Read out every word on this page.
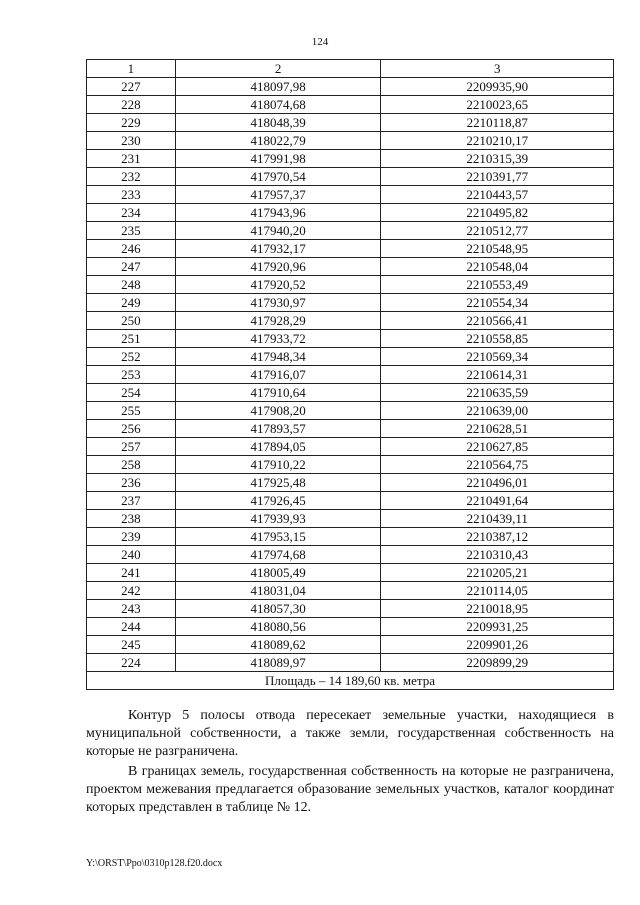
124
1	2	3
227	418097,98	2209935,90
228	418074,68	2210023,65
229	418048,39	2210118,87
230	418022,79	2210210,17
231	417991,98	2210315,39
232	417970,54	2210391,77
233	417957,37	2210443,57
234	417943,96	2210495,82
235	417940,20	2210512,77
246	417932,17	2210548,95
247	417920,96	2210548,04
248	417920,52	2210553,49
249	417930,97	2210554,34
250	417928,29	2210566,41
251	417933,72	2210558,85
252	417948,34	2210569,34
253	417916,07	2210614,31
254	417910,64	2210635,59
255	417908,20	2210639,00
256	417893,57	2210628,51
257	417894,05	2210627,85
258	417910,22	2210564,75
236	417925,48	2210496,01
237	417926,45	2210491,64
238	417939,93	2210439,11
239	417953,15	2210387,12
240	417974,68	2210310,43
241	418005,49	2210205,21
242	418031,04	2210114,05
243	418057,30	2210018,95
244	418080,56	2209931,25
245	418089,62	2209901,26
224	418089,97	2209899,29
Площадь – 14 189,60 кв. метра		
Контур 5 полосы отвода пересекает земельные участки, находящиеся в муниципальной собственности, а также земли, государственная собственность на которые не разграничена.
В границах земель, государственная собственность на которые не разграничена, проектом межевания предлагается образование земельных участков, каталог координат которых представлен в таблице № 12.
Y:\ORST\Ppo\0310p128.f20.docx
